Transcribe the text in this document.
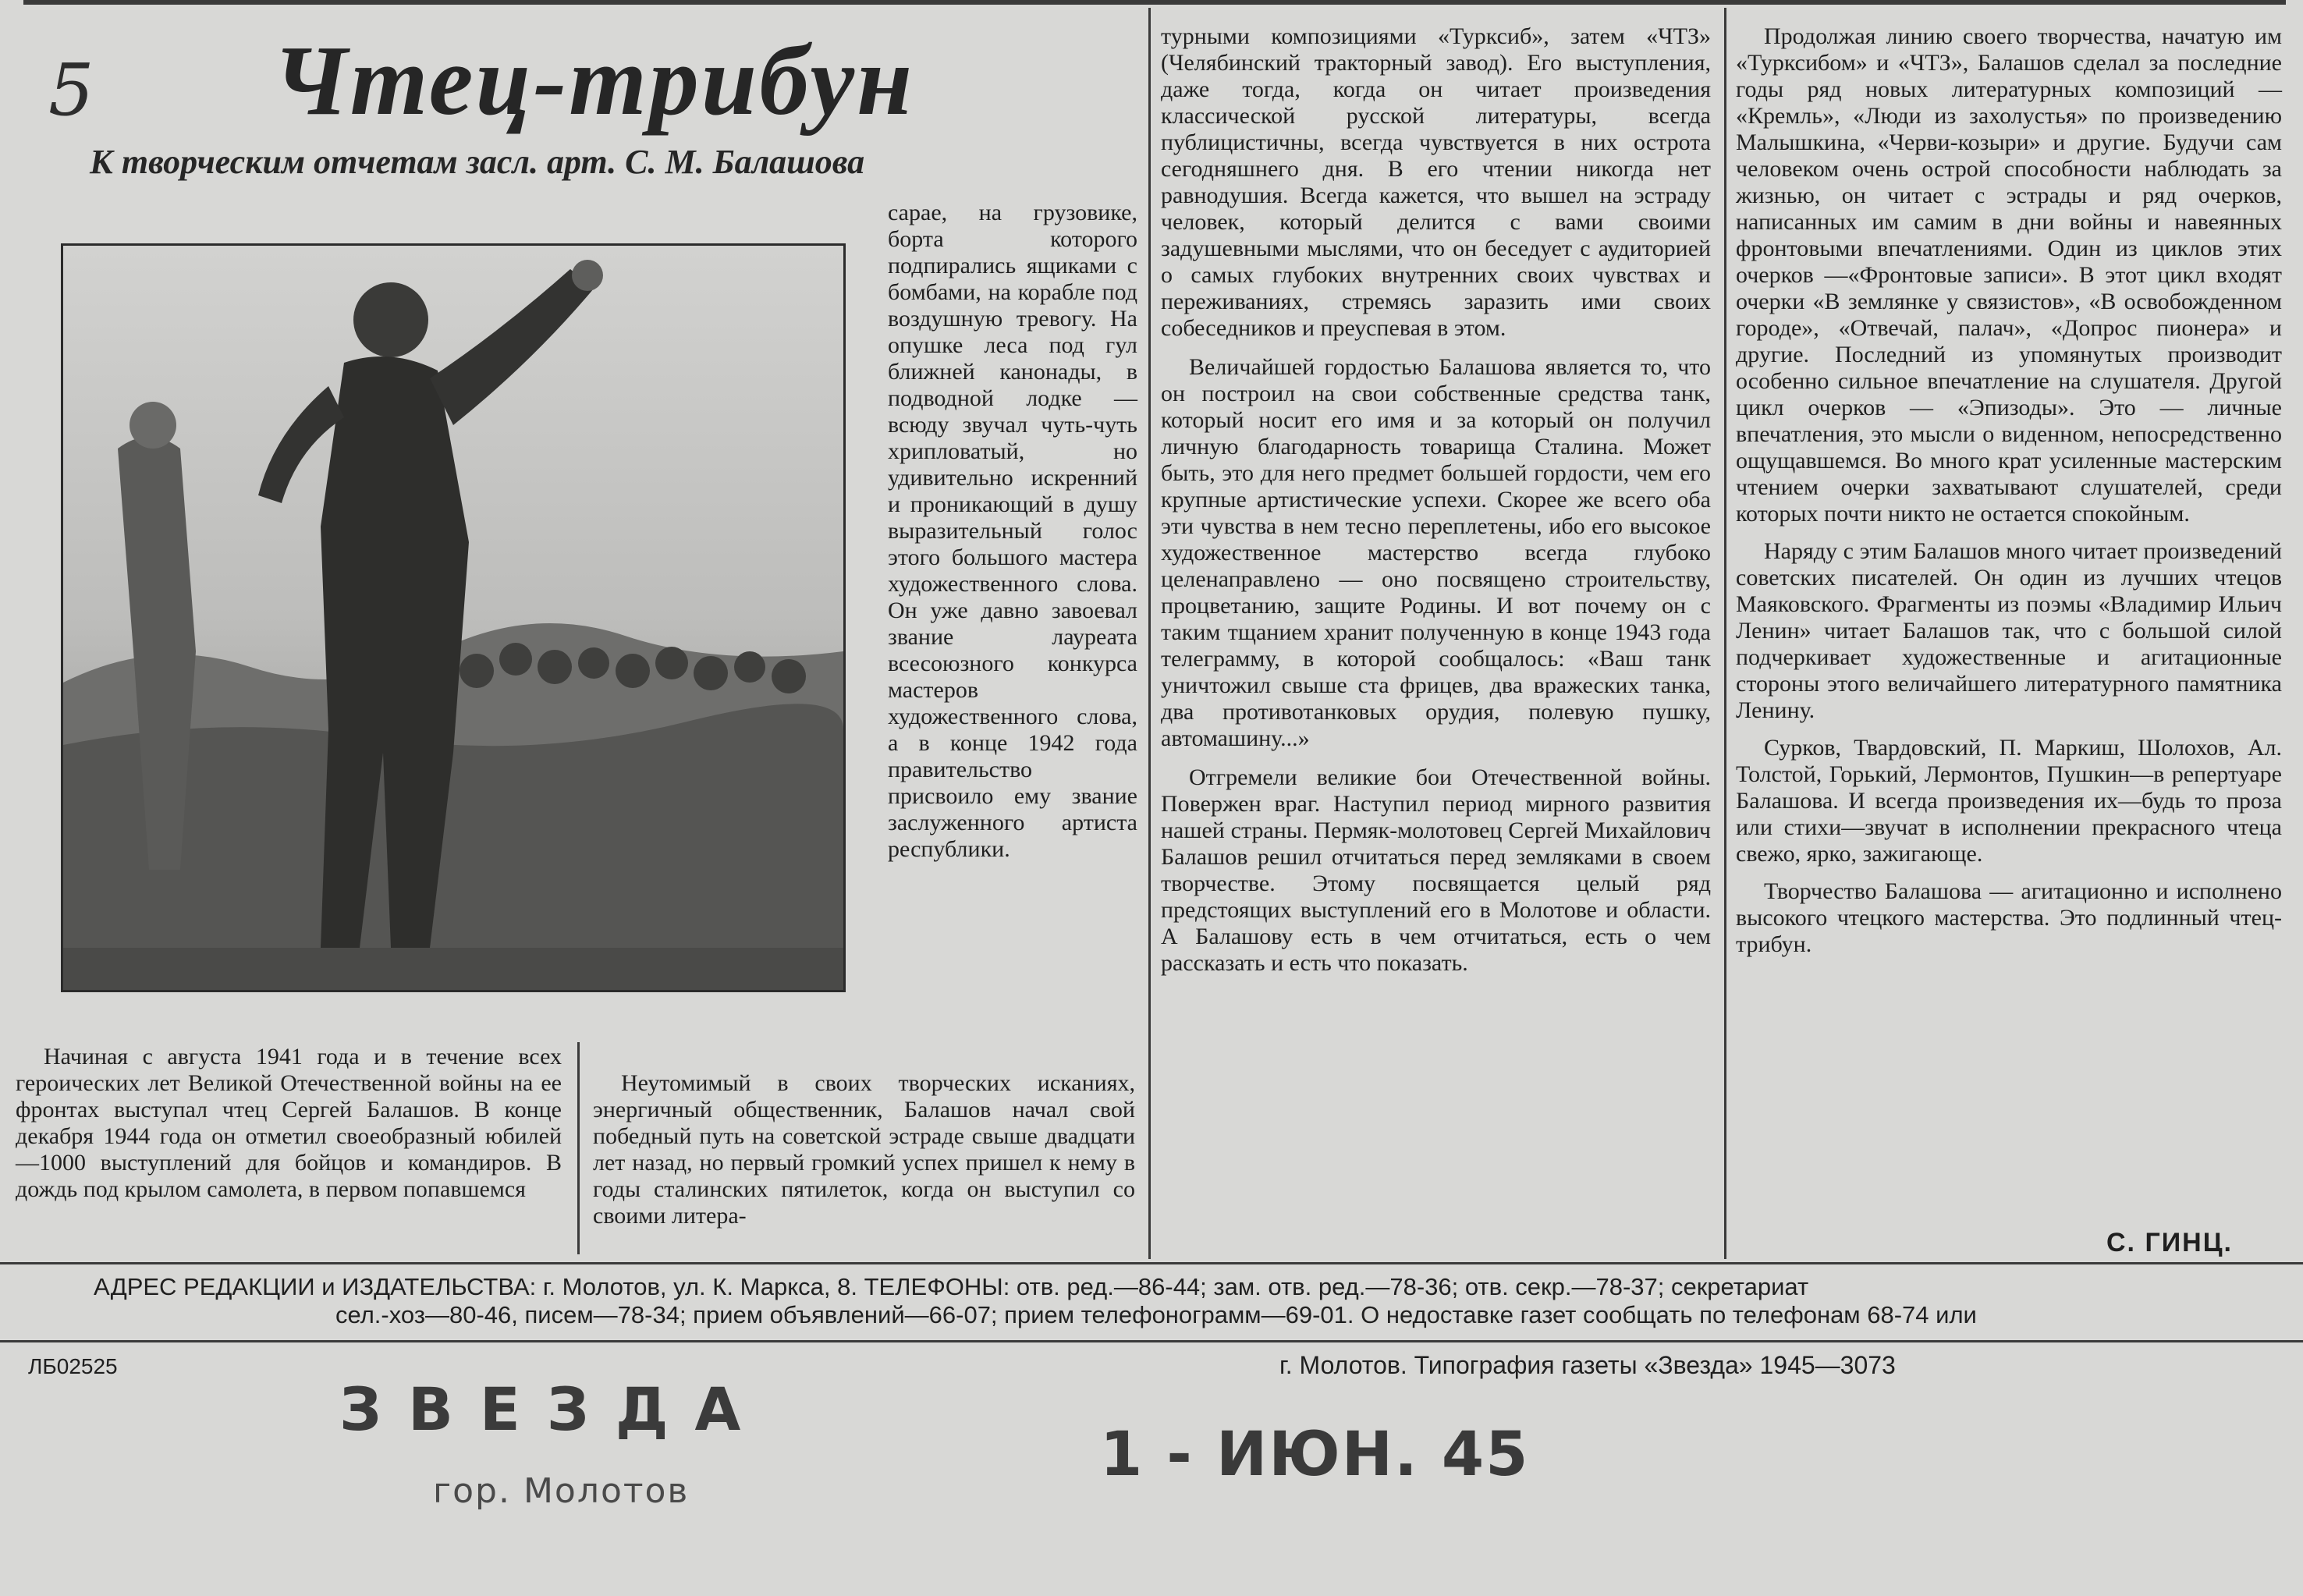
5 Чтец-трибун
К творческим отчетам засл. арт. С. М. Балашова

сарае, на грузовике, борта которого подпирались ящиками с бомбами, на корабле под воздушную тревогу. На опушке леса под гул ближней канонады, в подводной лодке — всюду звучал чуть-чуть хрипловатый, но удивительно искренний и проникающий в душу выразительный голос этого большого мастера художественного слова. Он уже давно завоевал звание лауреата всесоюзного конкурса мастеров художественного слова, а в конце 1942 года правительство присвоило ему звание заслуженного артиста республики.

Начиная с августа 1941 года и в течение всех героических лет Великой Отечественной войны на ее фронтах выступал чтец Сергей Балашов. В конце декабря 1944 года он отметил своеобразный юбилей—1000 выступлений для бойцов и командиров. В дождь под крылом самолета, в первом попавшемся

Неутомимый в своих творческих исканиях, энергичный общественник, Балашов начал свой победный путь на советской эстраде свыше двадцати лет назад, но первый громкий успех пришел к нему в годы сталинских пятилеток, когда он выступил со своими литера-

турными композициями «Турксиб», затем «ЧТЗ» (Челябинский тракторный завод). Его выступления, даже тогда, когда он читает произведения классической русской литературы, всегда публицистичны, всегда чувствуется в них острота сегодняшнего дня. В его чтении никогда нет равнодушия. Всегда кажется, что вышел на эстраду человек, который делится с вами своими задушевными мыслями, что он беседует с аудиторией о самых глубоких внутренних своих чувствах и переживаниях, стремясь заразить ими своих собеседников и преуспевая в этом.

Величайшей гордостью Балашова является то, что он построил на свои собственные средства танк, который носит его имя и за который он получил личную благодарность товарища Сталина. Может быть, это для него предмет большей гордости, чем его крупные артистические успехи. Скорее же всего оба эти чувства в нем тесно переплетены, ибо его высокое художественное мастерство всегда глубоко целенаправлено — оно посвящено строительству, процветанию, защите Родины. И вот почему он с таким тщанием хранит полученную в конце 1943 года телеграмму, в которой сообщалось: «Ваш танк уничтожил свыше ста фрицев, два вражеских танка, два противотанковых орудия, полевую пушку, автомашину...»

Отгремели великие бои Отечественной войны. Повержен враг. Наступил период мирного развития нашей страны. Пермяк-молотовец Сергей Михайлович Балашов решил отчитаться перед земляками в своем творчестве. Этому посвящается целый ряд предстоящих выступлений его в Молотове и области. А Балашову есть в чем отчитаться, есть о чем рассказать и есть что показать.

Продолжая линию своего творчества, начатую им «Турксибом» и «ЧТЗ», Балашов сделал за последние годы ряд новых литературных композиций — «Кремль», «Люди из захолустья» по произведению Малышкина, «Черви-козыри» и другие. Будучи сам человеком очень острой способности наблюдать за жизнью, он читает с эстрады и ряд очерков, написанных им самим в дни войны и навеянных фронтовыми впечатлениями. Один из циклов этих очерков —«Фронтовые записи». В этот цикл входят очерки «В землянке у связистов», «В освобожденном городе», «Отвечай, палач», «Допрос пионера» и другие. Последний из упомянутых производит особенно сильное впечатление на слушателя. Другой цикл очерков — «Эпизоды». Это — личные впечатления, это мысли о виденном, непосредственно ощущавшемся. Во много крат усиленные мастерским чтением очерки захватывают слушателей, среди которых почти никто не остается спокойным.

Наряду с этим Балашов много читает произведений советских писателей. Он один из лучших чтецов Маяковского. Фрагменты из поэмы «Владимир Ильич Ленин» читает Балашов так, что с большой силой подчеркивает художественные и агитационные стороны этого величайшего литературного памятника Ленину.

Сурков, Твардовский, П. Маркиш, Шолохов, Ал. Толстой, Горький, Лермонтов, Пушкин—в репертуаре Балашова. И всегда произведения их—будь то проза или стихи—звучат в исполнении прекрасного чтеца свежо, ярко, зажигающе.

Творчество Балашова — агитационно и исполнено высокого чтецкого мастерства. Это подлинный чтец-трибун.

С. ГИНЦ.
АДРЕС РЕДАКЦИИ и ИЗДАТЕЛЬСТВА: г. Молотов, ул. К. Маркса, 8. ТЕЛЕФОНЫ: отв. ред.—86-44; зам. отв. ред.—78-36; отв. секр.—78-37; секретариат
сел.-хоз—80-46, писем—78-34; прием объявлений—66-07; прием телефонограмм—69-01. О недоставке газет сообщать по телефонам 68-74 или
ЛБ02525	г. Молотов. Типография газеты «Звезда» 1945—3073
ЗВЕЗДА
гор. Молотов
1 - ИЮН. 45
